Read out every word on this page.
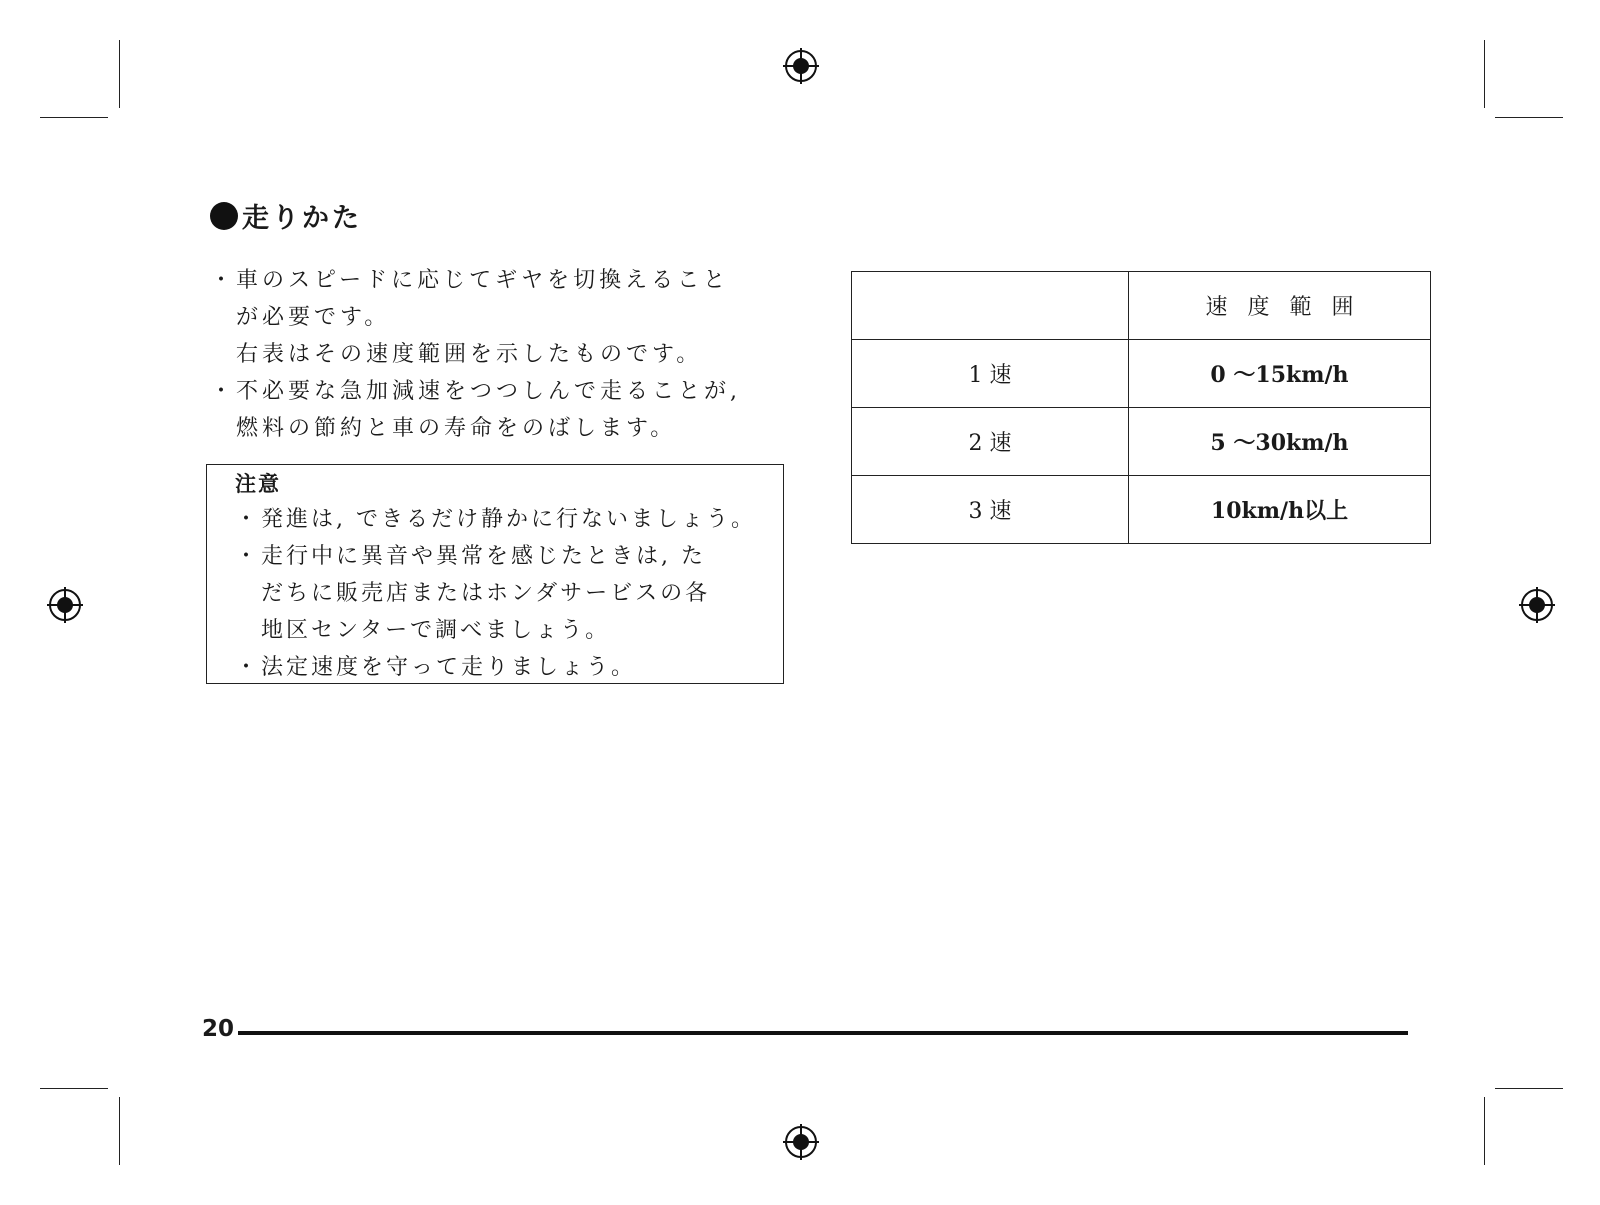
走りかた
・車のスピードに応じてギヤを切換えること
が必要です。
右表はその速度範囲を示したものです。
・不必要な急加減速をつつしんで走ることが,
燃料の節約と車の寿命をのばします。
注意
・発進は, できるだけ静かに行ないましょう。
・走行中に異音や異常を感じたときは, た
だちに販売店またはホンダサービスの各
地区センターで調べましょう。
・法定速度を守って走りましょう。
	速度範囲
1 速	0 ～15km/h
2 速	5 ～30km/h
3 速	10km/h以上
20
